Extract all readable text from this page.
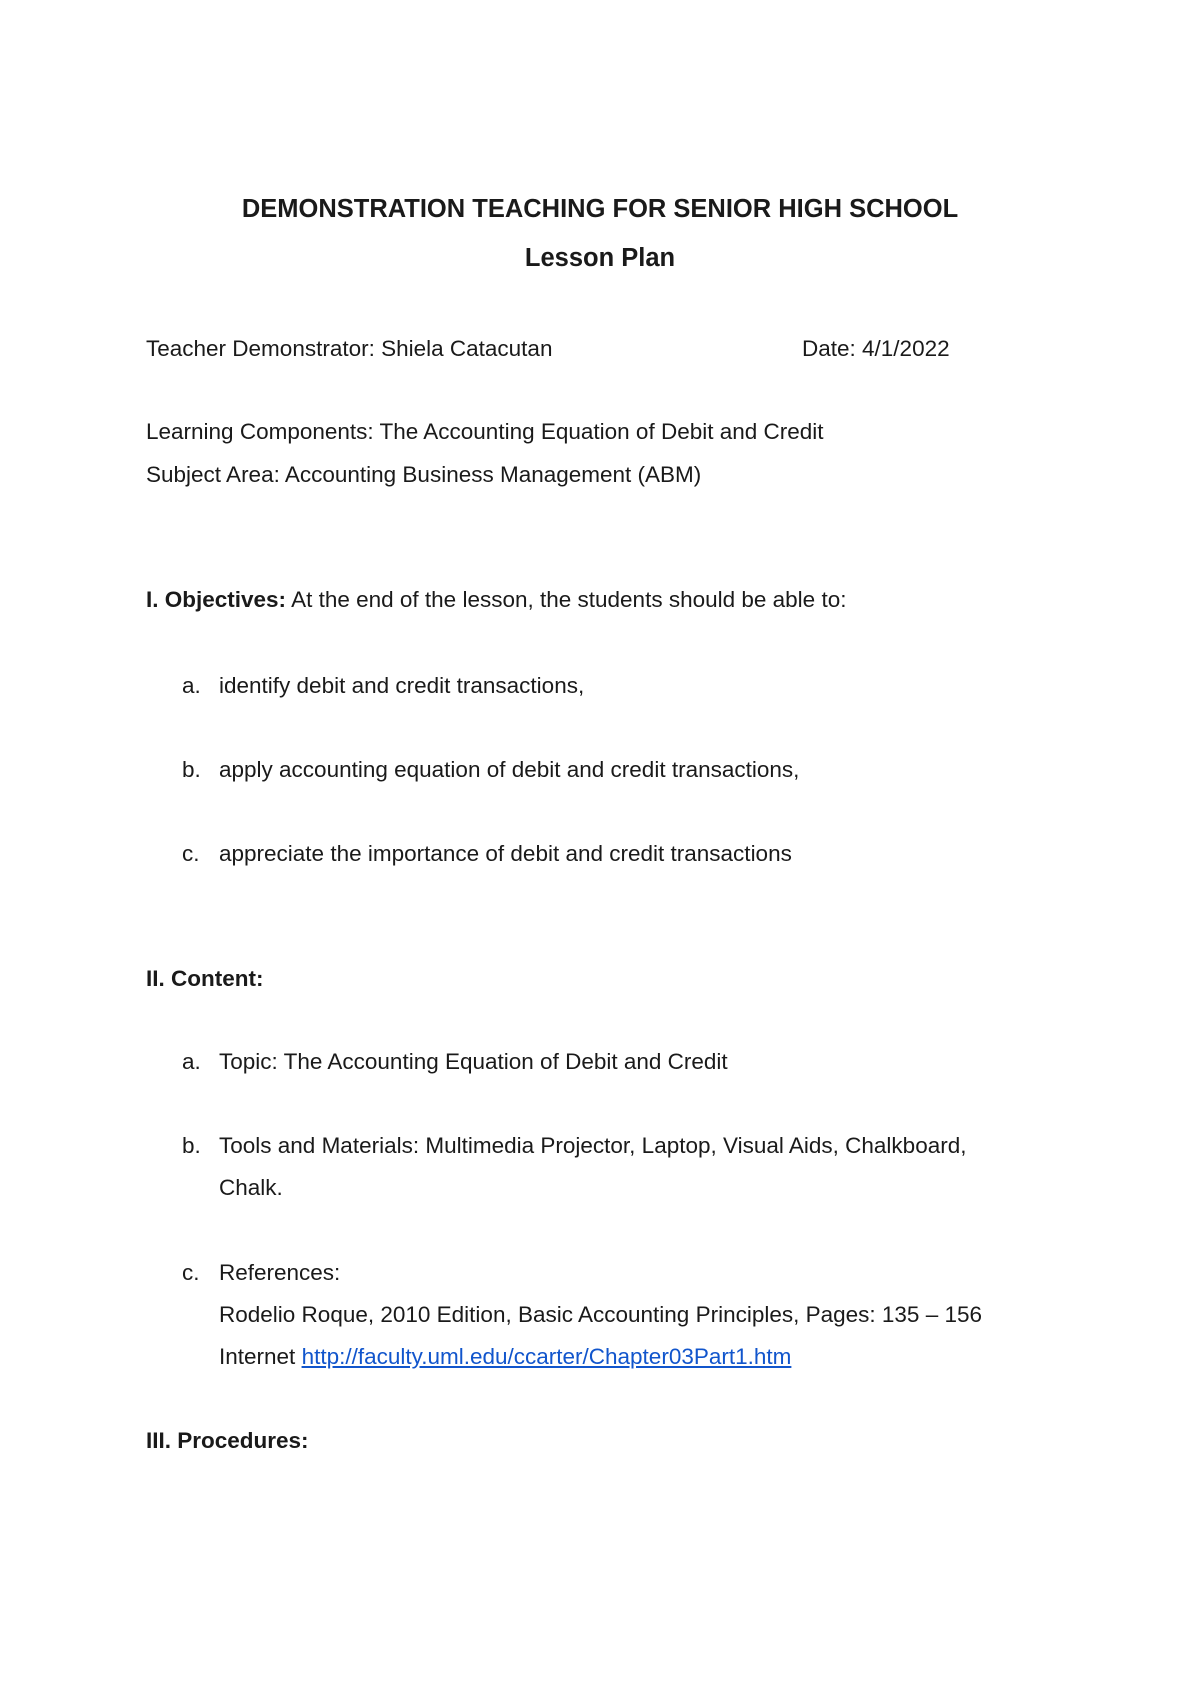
DEMONSTRATION TEACHING FOR SENIOR HIGH SCHOOL
Lesson Plan
Teacher Demonstrator: Shiela Catacutan	Date: 4/1/2022
Learning Components: The Accounting Equation of Debit and Credit
Subject Area: Accounting Business Management (ABM)
I. Objectives: At the end of the lesson, the students should be able to:
a. identify debit and credit transactions,
b. apply accounting equation of debit and credit transactions,
c. appreciate the importance of debit and credit transactions
II. Content:
a. Topic: The Accounting Equation of Debit and Credit
b. Tools and Materials: Multimedia Projector, Laptop, Visual Aids, Chalkboard,
Chalk.
c. References:
Rodelio Roque, 2010 Edition, Basic Accounting Principles, Pages: 135 – 156
Internet http://faculty.uml.edu/ccarter/Chapter03Part1.htm
III. Procedures:
